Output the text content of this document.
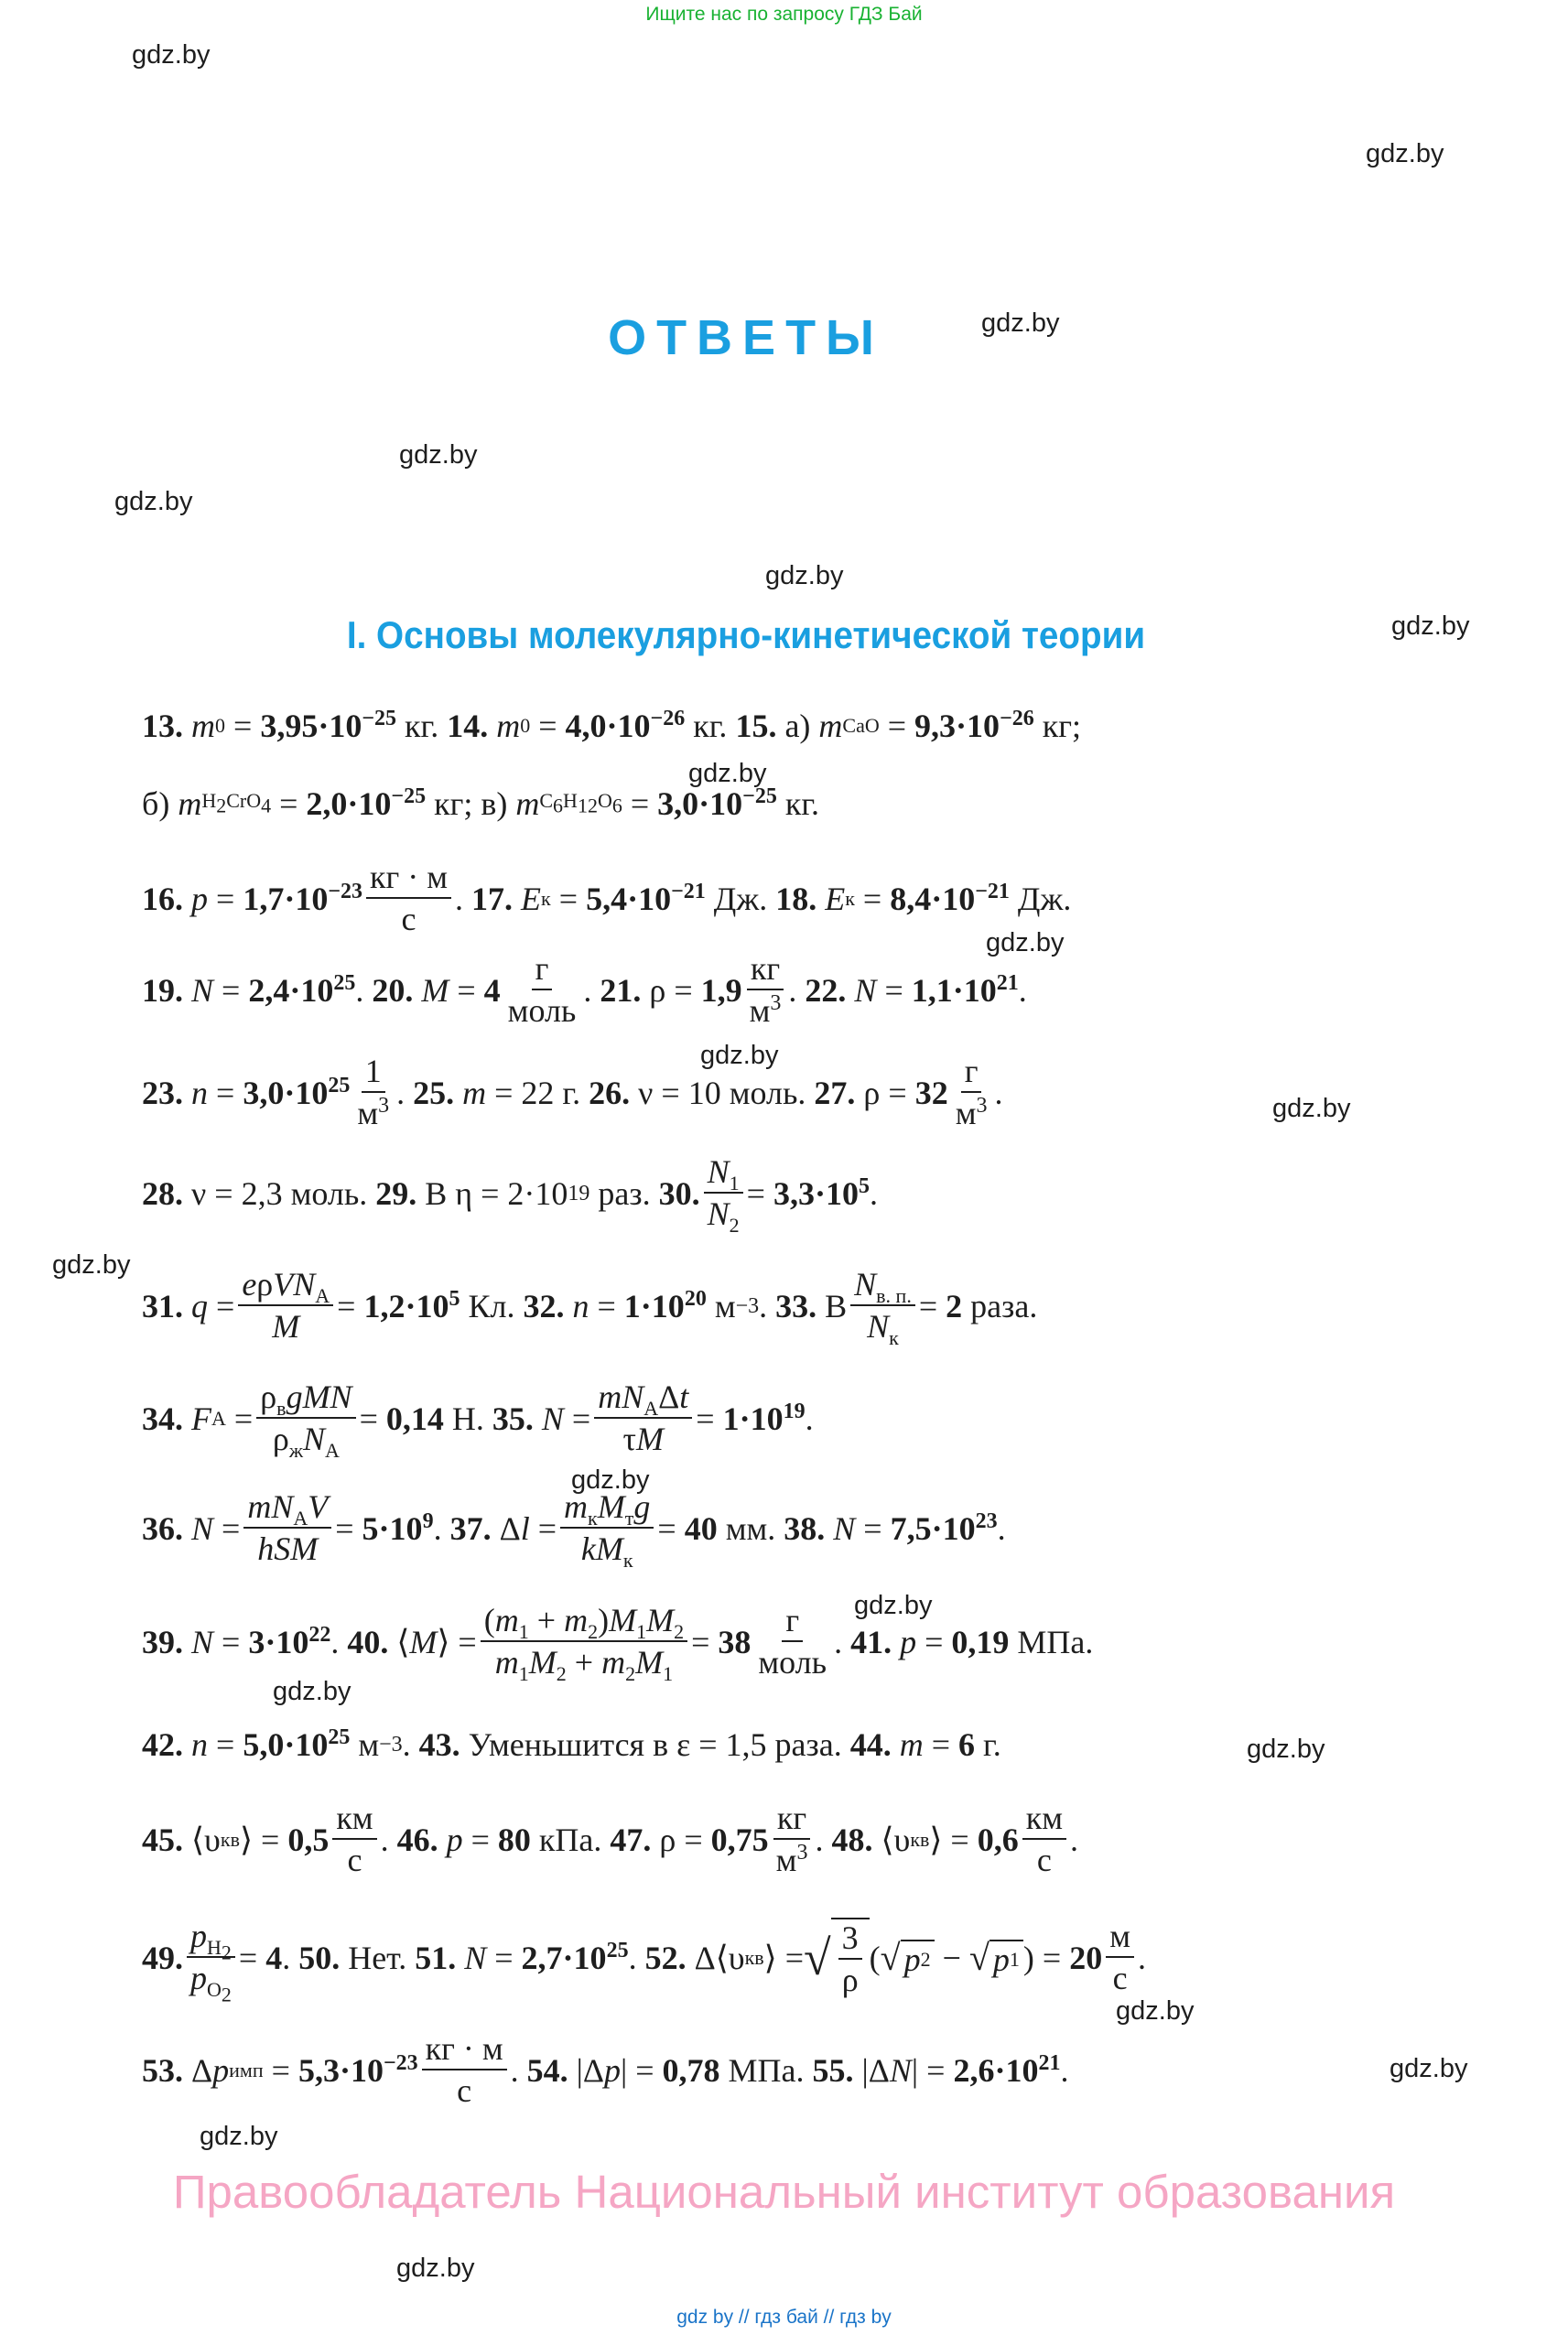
Ищите нас по запросу ГДЗ Бай
gdz.by
gdz.by
gdz.by
gdz.by
gdz.by
gdz.by
gdz.by
gdz.by
gdz.by
gdz.by
gdz.by
gdz.by
gdz.by
gdz.by
gdz.by
gdz.by
gdz.by
gdz.by
gdz.by
gdz.by
ОТВЕТЫ
I. Основы молекулярно-кинетической теории
13.
m $0 = 3,95\cdot 10^{-25}$ кг. 14.
m $0 = 4,0\cdot 10^{-26}$ кг. 15. а) m CaO = $9,3\cdot 10^{-26}$ кг;
б) m $H_2CrO_4 = 2,0\cdot 10^{-25}$ кг; в) m $C_6H_{12}O_6 = 3,0\cdot 10^{-25}$ кг.
16.
$p = 1,7\cdot 10^{-23} \frac{кг \cdot м}{с}$ . 17.
E $к = 5,4\cdot 10^{-21}$ Дж. 18.
E $к = 8,4\cdot 10^{-21}$ Дж.
19.
$N = 2,4\cdot 10^{25}$ . 20.
$M = 4 \frac{г}{\text{моль}}$ . 21. $\rho = 1,9 \frac{кг}{м^3}$ . 22.
$N = 1,1\cdot 10^{21}$ .
23.
$n = 3,0\cdot 10^{25} \frac{1}{м^3}$ . 25.
m = 22 г. 26. ν = 10 моль. 27. $\rho = 32 \frac{г}{м^3}$ .
28. ν = 2,3 моль. 29. В η = 2·10 19 раз. 30. $\frac{N_1}{N_2} = 3,3\cdot 10^5$ .
31.
$q = \frac{e\rho VN_A}{M} = 1,2\cdot 10^5$ Кл. 32.
$n = 1\cdot 10^{20}$ м −3 . 33. В $\frac{N_{в. п.}}{N_к} = 2$ раза.
34.
F $A = \frac{\rho_вgMN}{\rho_жN_A} = 0,14$ Н. 35.
$N = \frac{mN_A\Delta t}{\tau M} = 1\cdot 10^{19}$ .
36.
$N = \frac{mN_AV}{\text{hSM}} = 5\cdot 10^9$ . 37. Δ $l = \frac{m_кM_тg}{kM_к} = 40$ мм. 38.
$N = 7,5\cdot 10^{23}$ .
39.
$N = 3\cdot 10^{22}$ . 40. ⟨ M ⟩ = $\frac{(m_1 + m_2)M_1M_2}{m_1M_2 + m_2M_1} = 38 \frac{г}{\text{моль}}$ . 41.
p = 0,19 МПа.
42.
$n = 5,0\cdot 10^{25}$ м −3 . 43. Уменьшится в ε = 1,5 раза. 44.
m = 6 г.
45. ⟨υ кв ⟩ = $0,5 \frac{км}{с}$ . 46.
p = 80 кПа. 47. $\rho = 0,75 \frac{кг}{м^3}$ . 48. ⟨υ кв ⟩ = $0,6 \frac{км}{с}$ .
49. $\frac{p_{H_2}}{p_{O_2}} = 4$ . 50. Нет. 51.
$N = 2,7\cdot 10^{25}$ . 52. Δ⟨υ кв ⟩ = √ $\frac{3}{\rho}$ ( √ p 2 − √ p 1 ) = $20 \frac{м}{с}$ .
53. Δ p имп = $5,3\cdot 10^{-23} \frac{кг \cdot м}{с}$ . 54. |Δ p | = 0,78 МПа. 55. |Δ N | = $2,6\cdot 10^{21}$ .
Правообладатель Национальный институт образования
gdz by // гдз бай // гдз by
